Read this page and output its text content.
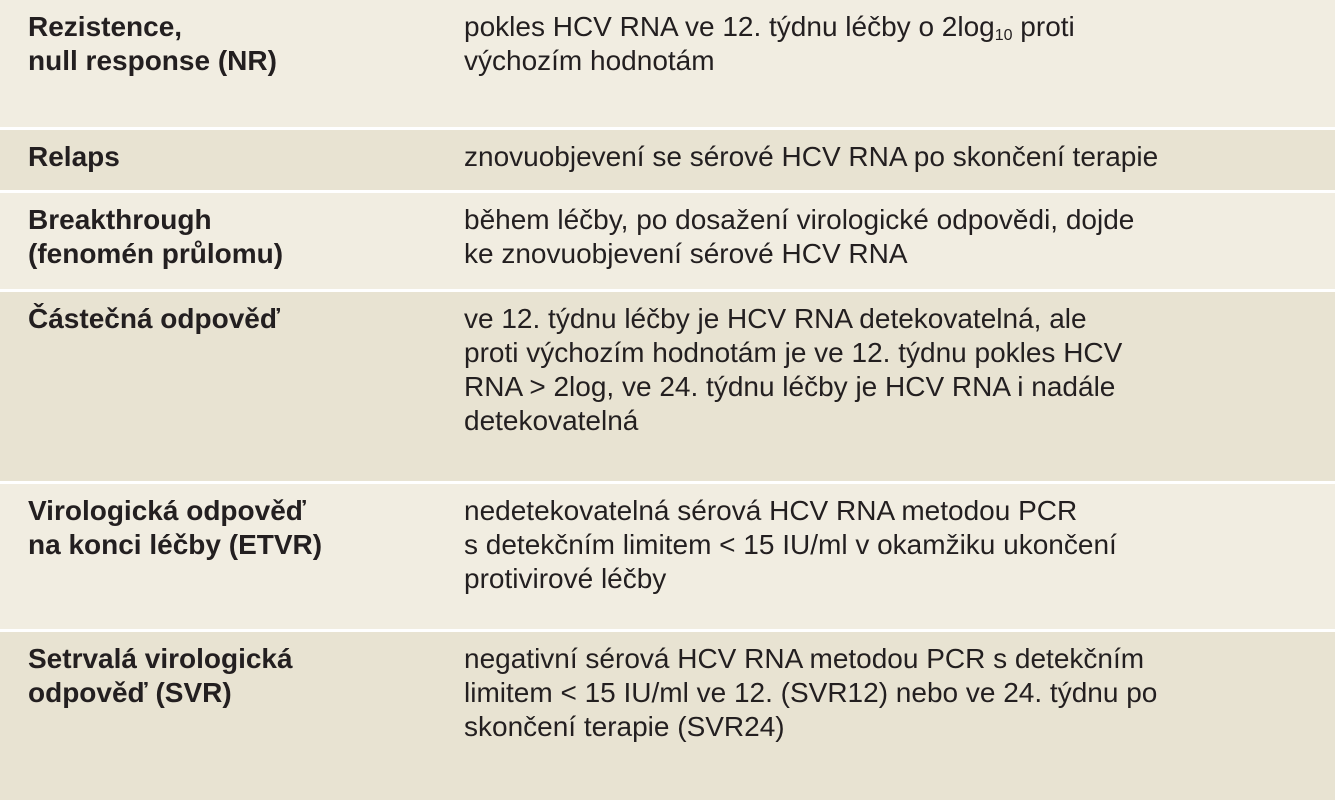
Rezistence,
null response (NR)
pokles HCV RNA ve 12. týdnu léčby o $2\log_{10}$ proti
výchozím hodnotám
Relaps	znovuobjevení se sérové HCV RNA po skončení terapie
Breakthrough
(fenomén průlomu)
během léčby, po dosažení virologické odpovědi, dojde
ke znovuobjevení sérové HCV RNA
Částečná odpověď	ve 12. týdnu léčby je HCV RNA detekovatelná, ale
proti výchozím hodnotám je ve 12. týdnu pokles HCV
RNA > 2log, ve 24. týdnu léčby je HCV RNA i nadále
detekovatelná
Virologická odpověď
na konci léčby (ETVR)
nedetekovatelná sérová HCV RNA metodou PCR
s detekčním limitem < 15 IU/ml v okamžiku ukončení
protivirové léčby
Setrvalá virologická
odpověď (SVR)
negativní sérová HCV RNA metodou PCR s detekčním
limitem < 15 IU/ml ve 12. (SVR12) nebo ve 24. týdnu po
skončení terapie (SVR24)
